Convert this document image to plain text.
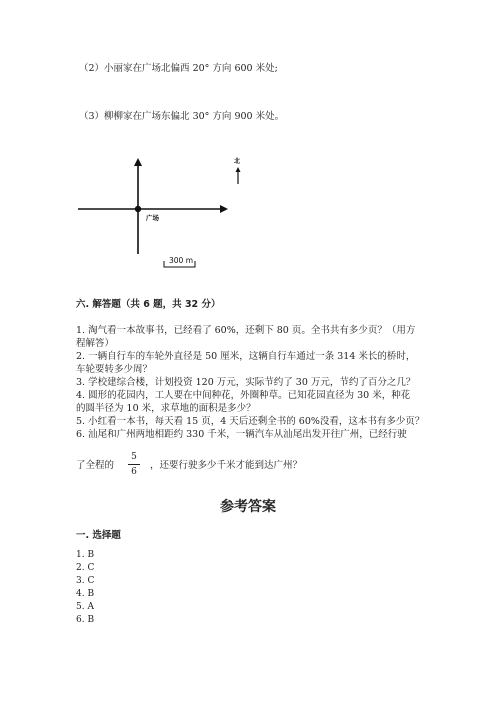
（2）小丽家在广场北偏西 20° 方向 600 米处;
（3）柳柳家在广场东偏北 30° 方向 900 米处。
广场
北
300 m
六. 解答题（共 6 题，共 32 分）
1. 淘气看一本故事书，已经看了 60%，还剩下 80 页。全书共有多少页？（用方
程解答）
2. 一辆自行车的车轮外直径是 50 厘米，这辆自行车通过一条 314 米长的桥时，
车轮要转多少周？
3. 学校建综合楼，计划投资 120 万元，实际节约了 30 万元，节约了百分之几？
4. 圆形的花园内，工人要在中间种花，外圈种草。已知花园直径为 30 米，种花
的圆半径为 10 米，求草地的面积是多少？
5. 小红看一本书，每天看 15 页，4 天后还剩全书的 60%没看，这本书有多少页？
6. 汕尾和广州两地相距约 330 千米，一辆汽车从汕尾出发开往广州，已经行驶
了全程的
5
6
，还要行驶多少千米才能到达广州？
参考答案
一. 选择题
1. B
2. C
3. C
4. B
5. A
6. B
